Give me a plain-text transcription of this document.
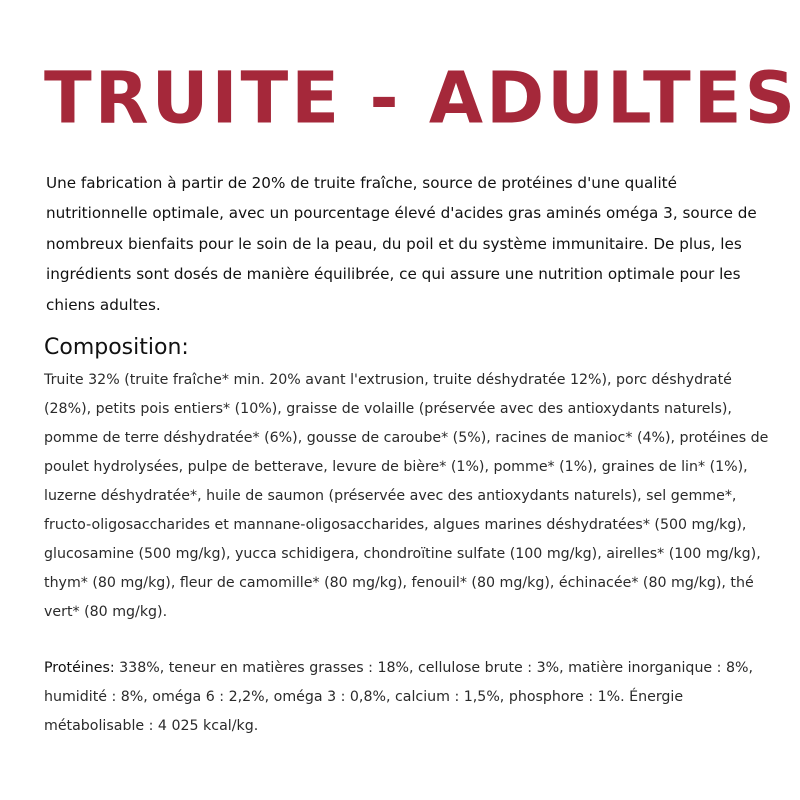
TRUITE - ADULTES

Une fabrication à partir de 20% de truite fraîche, source de protéines d'une qualité nutritionnelle optimale, avec un pourcentage élevé d'acides gras aminés oméga 3, source de nombreux bienfaits pour le soin de la peau, du poil et du système immunitaire. De plus, les ingrédients sont dosés de manière équilibrée, ce qui assure une nutrition optimale pour les chiens adultes.

Composition:

Truite 32% (truite fraîche* min. 20% avant l'extrusion, truite déshydratée 12%), porc déshydraté (28%), petits pois entiers* (10%), graisse de volaille (préservée avec des antioxydants naturels), pomme de terre déshydratée* (6%), gousse de caroube* (5%), racines de manioc* (4%), protéines de poulet hydrolysées, pulpe de betterave, levure de bière* (1%), pomme* (1%), graines de lin* (1%), luzerne déshydratée*, huile de saumon (préservée avec des antioxydants naturels), sel gemme*, fructo-oligosaccharides et mannane-oligosaccharides, algues marines déshydratées* (500 mg/kg), glucosamine (500 mg/kg), yucca schidigera, chondroïtine sulfate (100 mg/kg), airelles* (100 mg/kg), thym* (80 mg/kg), fleur de camomille* (80 mg/kg), fenouil* (80 mg/kg), échinacée* (80 mg/kg), thé vert* (80 mg/kg).

Protéines: 338%, teneur en matières grasses : 18%, cellulose brute : 3%, matière inorganique : 8%, humidité : 8%, oméga 6 : 2,2%, oméga 3 : 0,8%, calcium : 1,5%, phosphore : 1%. Énergie métabolisable : 4 025 kcal/kg.
